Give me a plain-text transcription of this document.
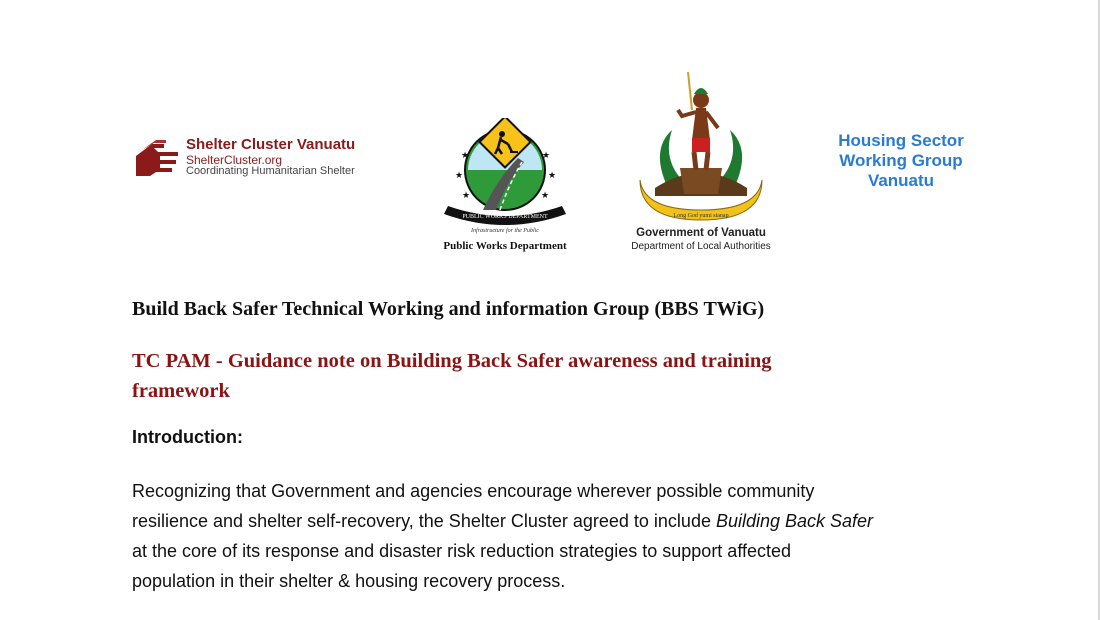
Shelter Cluster Vanuatu
ShelterCluster.org
Coordinating Humanitarian Shelter
★
★
★
★
★
★
PUBLIC WORKS DEPARTMENT
Infrastructure for the Public
Public Works Department
Long God yumi stanap
Government of Vanuatu
Department of Local Authorities
Housing Sector
Working Group
Vanuatu
Build Back Safer Technical Working and information Group (BBS TWiG)
TC PAM - Guidance note on Building Back Safer awareness and training
framework
Introduction:
Recognizing that Government and agencies encourage wherever possible community
resilience and shelter self-recovery, the Shelter Cluster agreed to include Building Back Safer
at the core of its response and disaster risk reduction strategies to support affected
population in their shelter & housing recovery process.
